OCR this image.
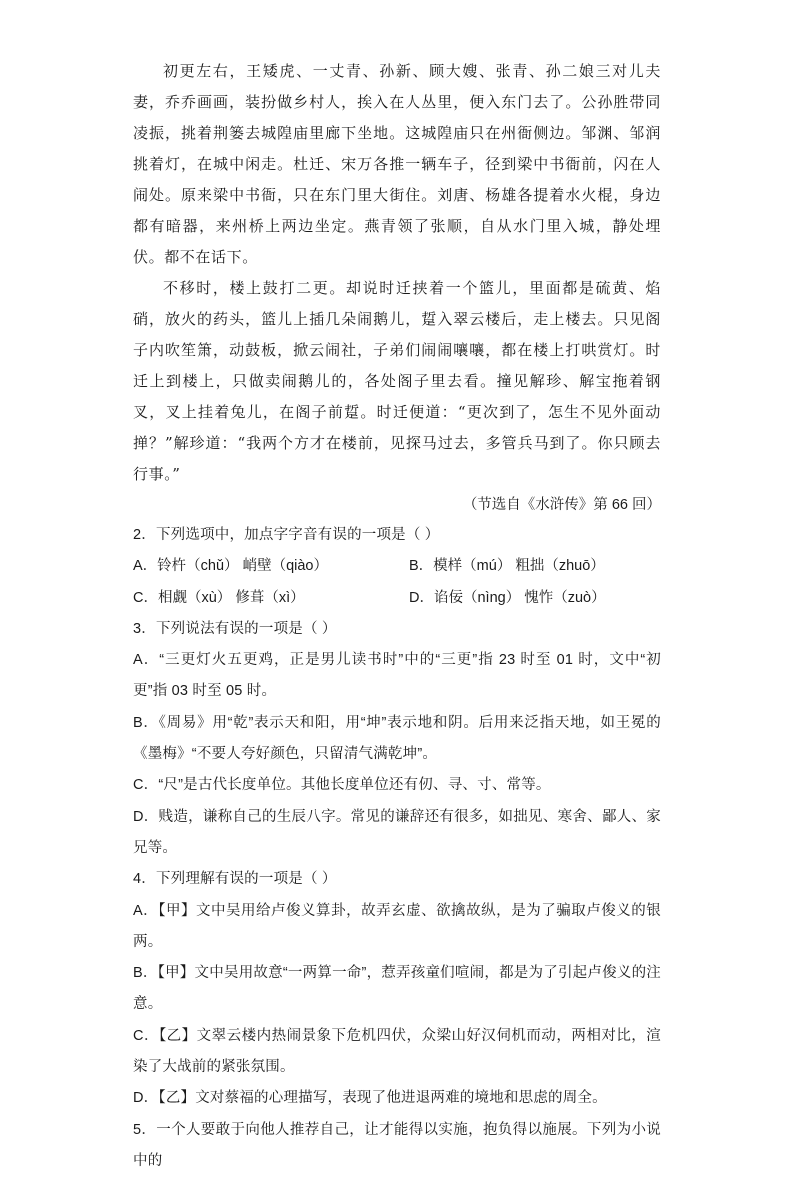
初更左右，王矮虎、一丈青、孙新、顾大嫂、张青、孙二娘三对儿夫妻，乔乔画画，装扮做乡村人，挨入在人丛里，便入东门去了。公孙胜带同凌振，挑着荆篓去城隍庙里廊下坐地。这城隍庙只在州衙侧边。邹渊、邹润挑着灯，在城中闲走。杜迁、宋万各推一辆车子，径到梁中书衙前，闪在人闹处。原来梁中书衙，只在东门里大街住。刘唐、杨雄各提着水火棍，身边都有暗器，来州桥上两边坐定。燕青领了张顺，自从水门里入城，静处埋伏。都不在话下。

不移时，楼上鼓打二更。却说时迁挟着一个篮儿，里面都是硫黄、焰硝，放火的药头，篮儿上插几朵闹鹅儿，踅入翠云楼后，走上楼去。只见阁子内吹笙箫，动鼓板，掀云闹社，子弟们闹闹嚷嚷，都在楼上打哄赏灯。时迁上到楼上，只做卖闹鹅儿的，各处阁子里去看。撞见解珍、解宝拖着钢叉，叉上挂着兔儿，在阁子前踅。时迁便道：“更次到了，怎生不见外面动掸？”解珍道：“我两个方才在楼前，见探马过去，多管兵马到了。你只顾去行事。”

（节选自《水浒传》第 66 回）

2．下列选项中，加点字字音有误的一项是（ ）

A．铃杵（chǔ） 峭壁（qiào）	B．模样（mú） 粗拙（zhuō）
C．相觑（xù） 修葺（xì）	D．谄佞（nìng） 愧怍（zuò）

3．下列说法有误的一项是（ ）

A．“三更灯火五更鸡，正是男儿读书时”中的“三更”指 23 时至 01 时，文中“初更”指 03 时至 05 时。

B．《周易》用“乾”表示天和阳，用“坤”表示地和阴。后用来泛指天地，如王冕的《墨梅》“不要人夸好颜色，只留清气满乾坤”。

C．“尺”是古代长度单位。其他长度单位还有仞、寻、寸、常等。

D．贱造，谦称自己的生辰八字。常见的谦辞还有很多，如拙见、寒舍、鄙人、家兄等。

4．下列理解有误的一项是（ ）

A．【甲】文中吴用给卢俊义算卦，故弄玄虚、欲擒故纵，是为了骗取卢俊义的银两。

B．【甲】文中吴用故意“一两算一命”，惹弄孩童们喧闹，都是为了引起卢俊义的注意。

C．【乙】文翠云楼内热闹景象下危机四伏，众梁山好汉伺机而动，两相对比，渲染了大战前的紧张氛围。

D．【乙】文对蔡福的心理描写，表现了他进退两难的境地和思虑的周全。

5．一个人要敢于向他人推荐自己，让才能得以实施，抱负得以施展。下列为小说中的
